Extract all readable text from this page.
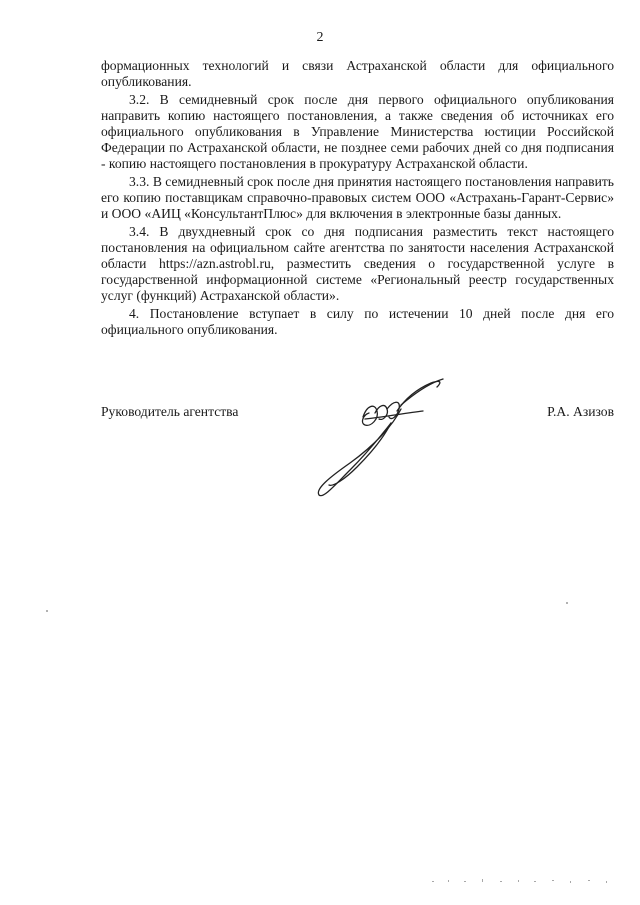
2

формационных технологий и связи Астраханской области для официального опубликования.

3.2. В семидневный срок после дня первого официального опубликования направить копию настоящего постановления, а также сведения об источниках его официального опубликования в Управление Министерства юстиции Российской Федерации по Астраханской области, не позднее семи рабочих дней со дня подписания - копию настоящего постановления в прокуратуру Астраханской области.

3.3. В семидневный срок после дня принятия настоящего постановления направить его копию поставщикам справочно-правовых систем ООО «Астрахань-Гарант-Сервис» и ООО «АИЦ «КонсультантПлюс» для включения в электронные базы данных.

3.4. В двухдневный срок со дня подписания разместить текст настоящего постановления на официальном сайте агентства по занятости населения Астраханской области https://azn.astrobl.ru, разместить сведения о государственной услуге в государственной информационной системе «Региональный реестр государственных услуг (функций) Астраханской области».

4. Постановление вступает в силу по истечении 10 дней после дня его официального опубликования.

Руководитель агентства	Р.А. Азизов
